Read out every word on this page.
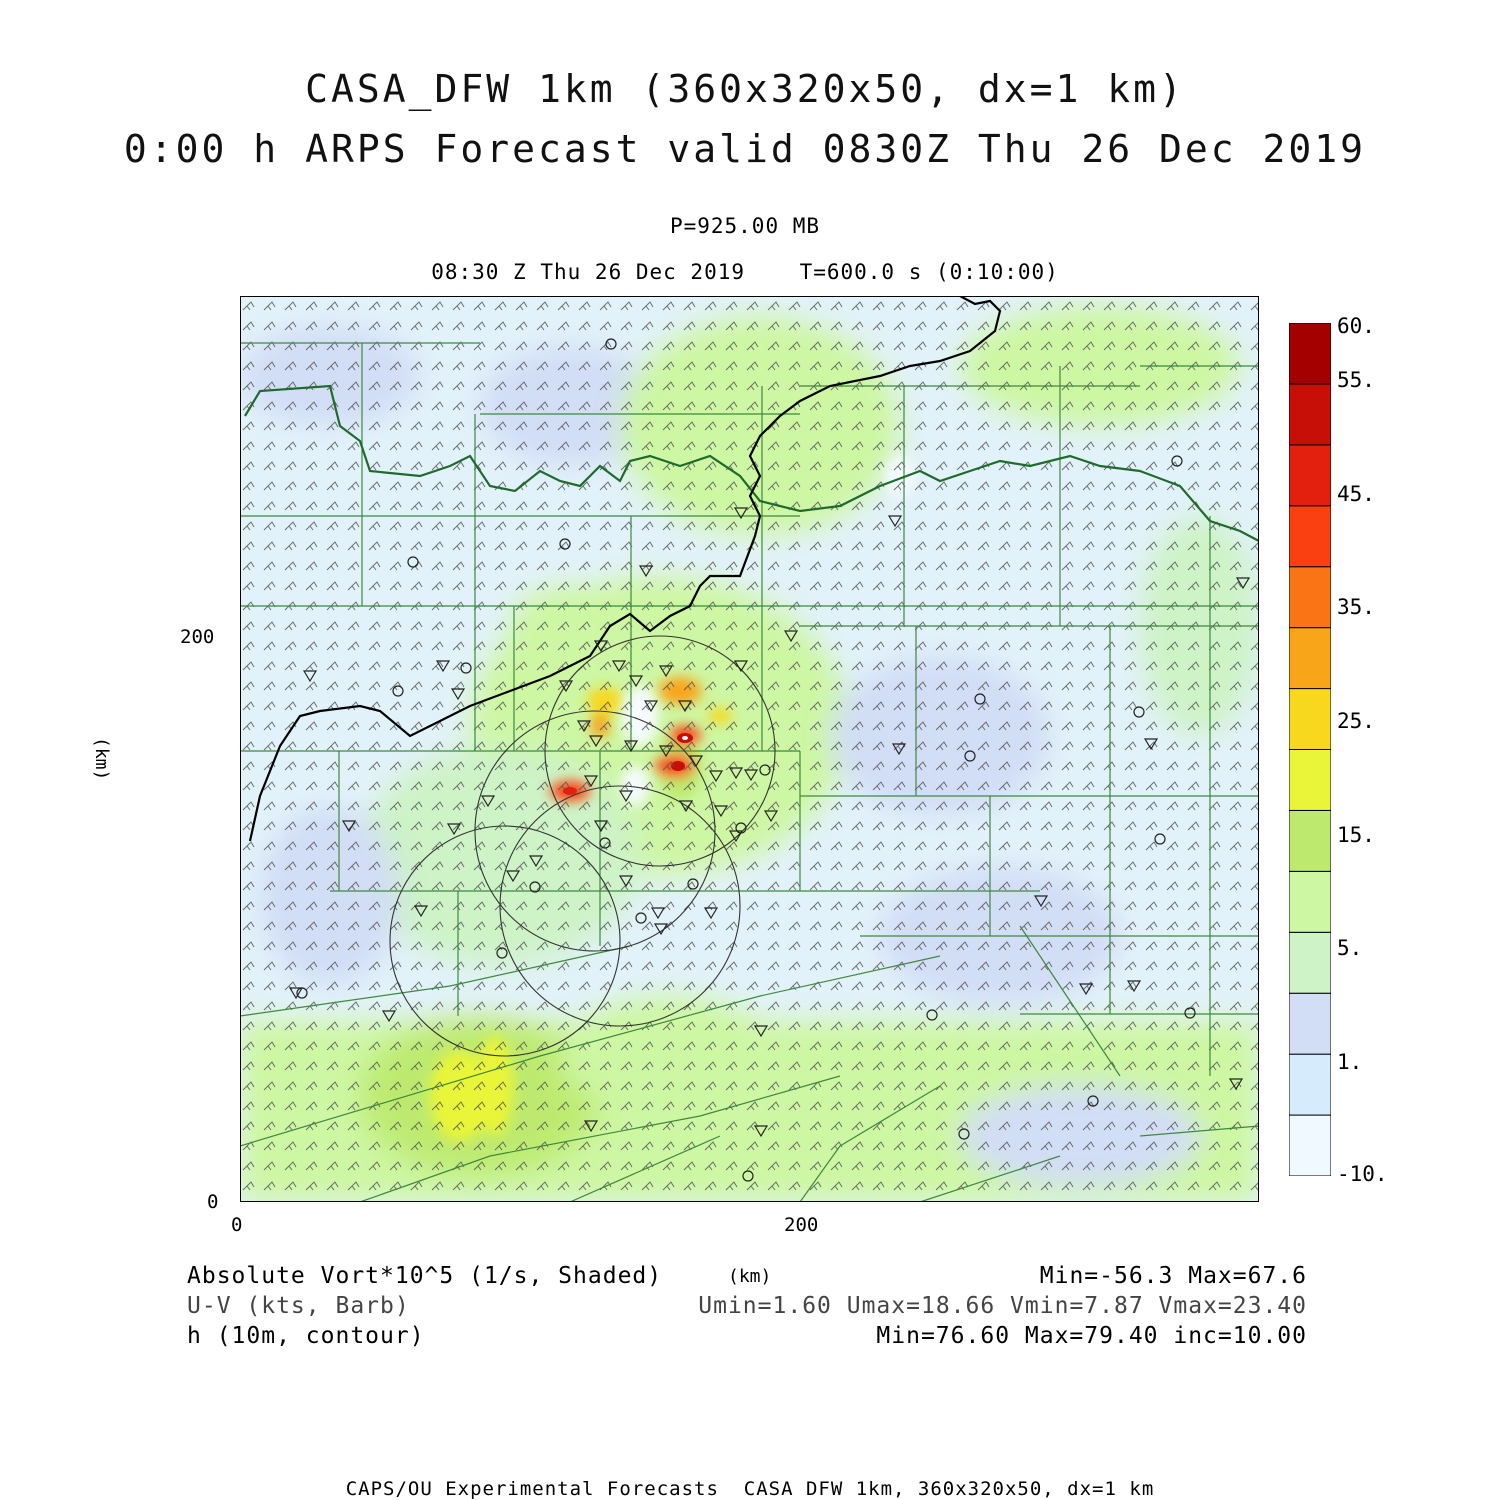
CASA_DFW 1km (360x320x50, dx=1 km)
0:00 h ARPS Forecast valid 0830Z Thu 26 Dec 2019
P=925.00 MB
08:30 Z Thu 26 Dec 2019    T=600.0 s (0:10:00)
200
0
0	200
(km)
(km)
60.
55.
45.
35.
25.
15.
5.
1.
-10.
Absolute Vort*10^5 (1/s, Shaded)
U-V (kts, Barb)
h (10m, contour)
Min=-56.3 Max=67.6
Umin=1.60 Umax=18.66 Vmin=7.87 Vmax=23.40
Min=76.60 Max=79.40 inc=10.00
CAPS/OU Experimental Forecasts  CASA DFW 1km, 360x320x50, dx=1 km
